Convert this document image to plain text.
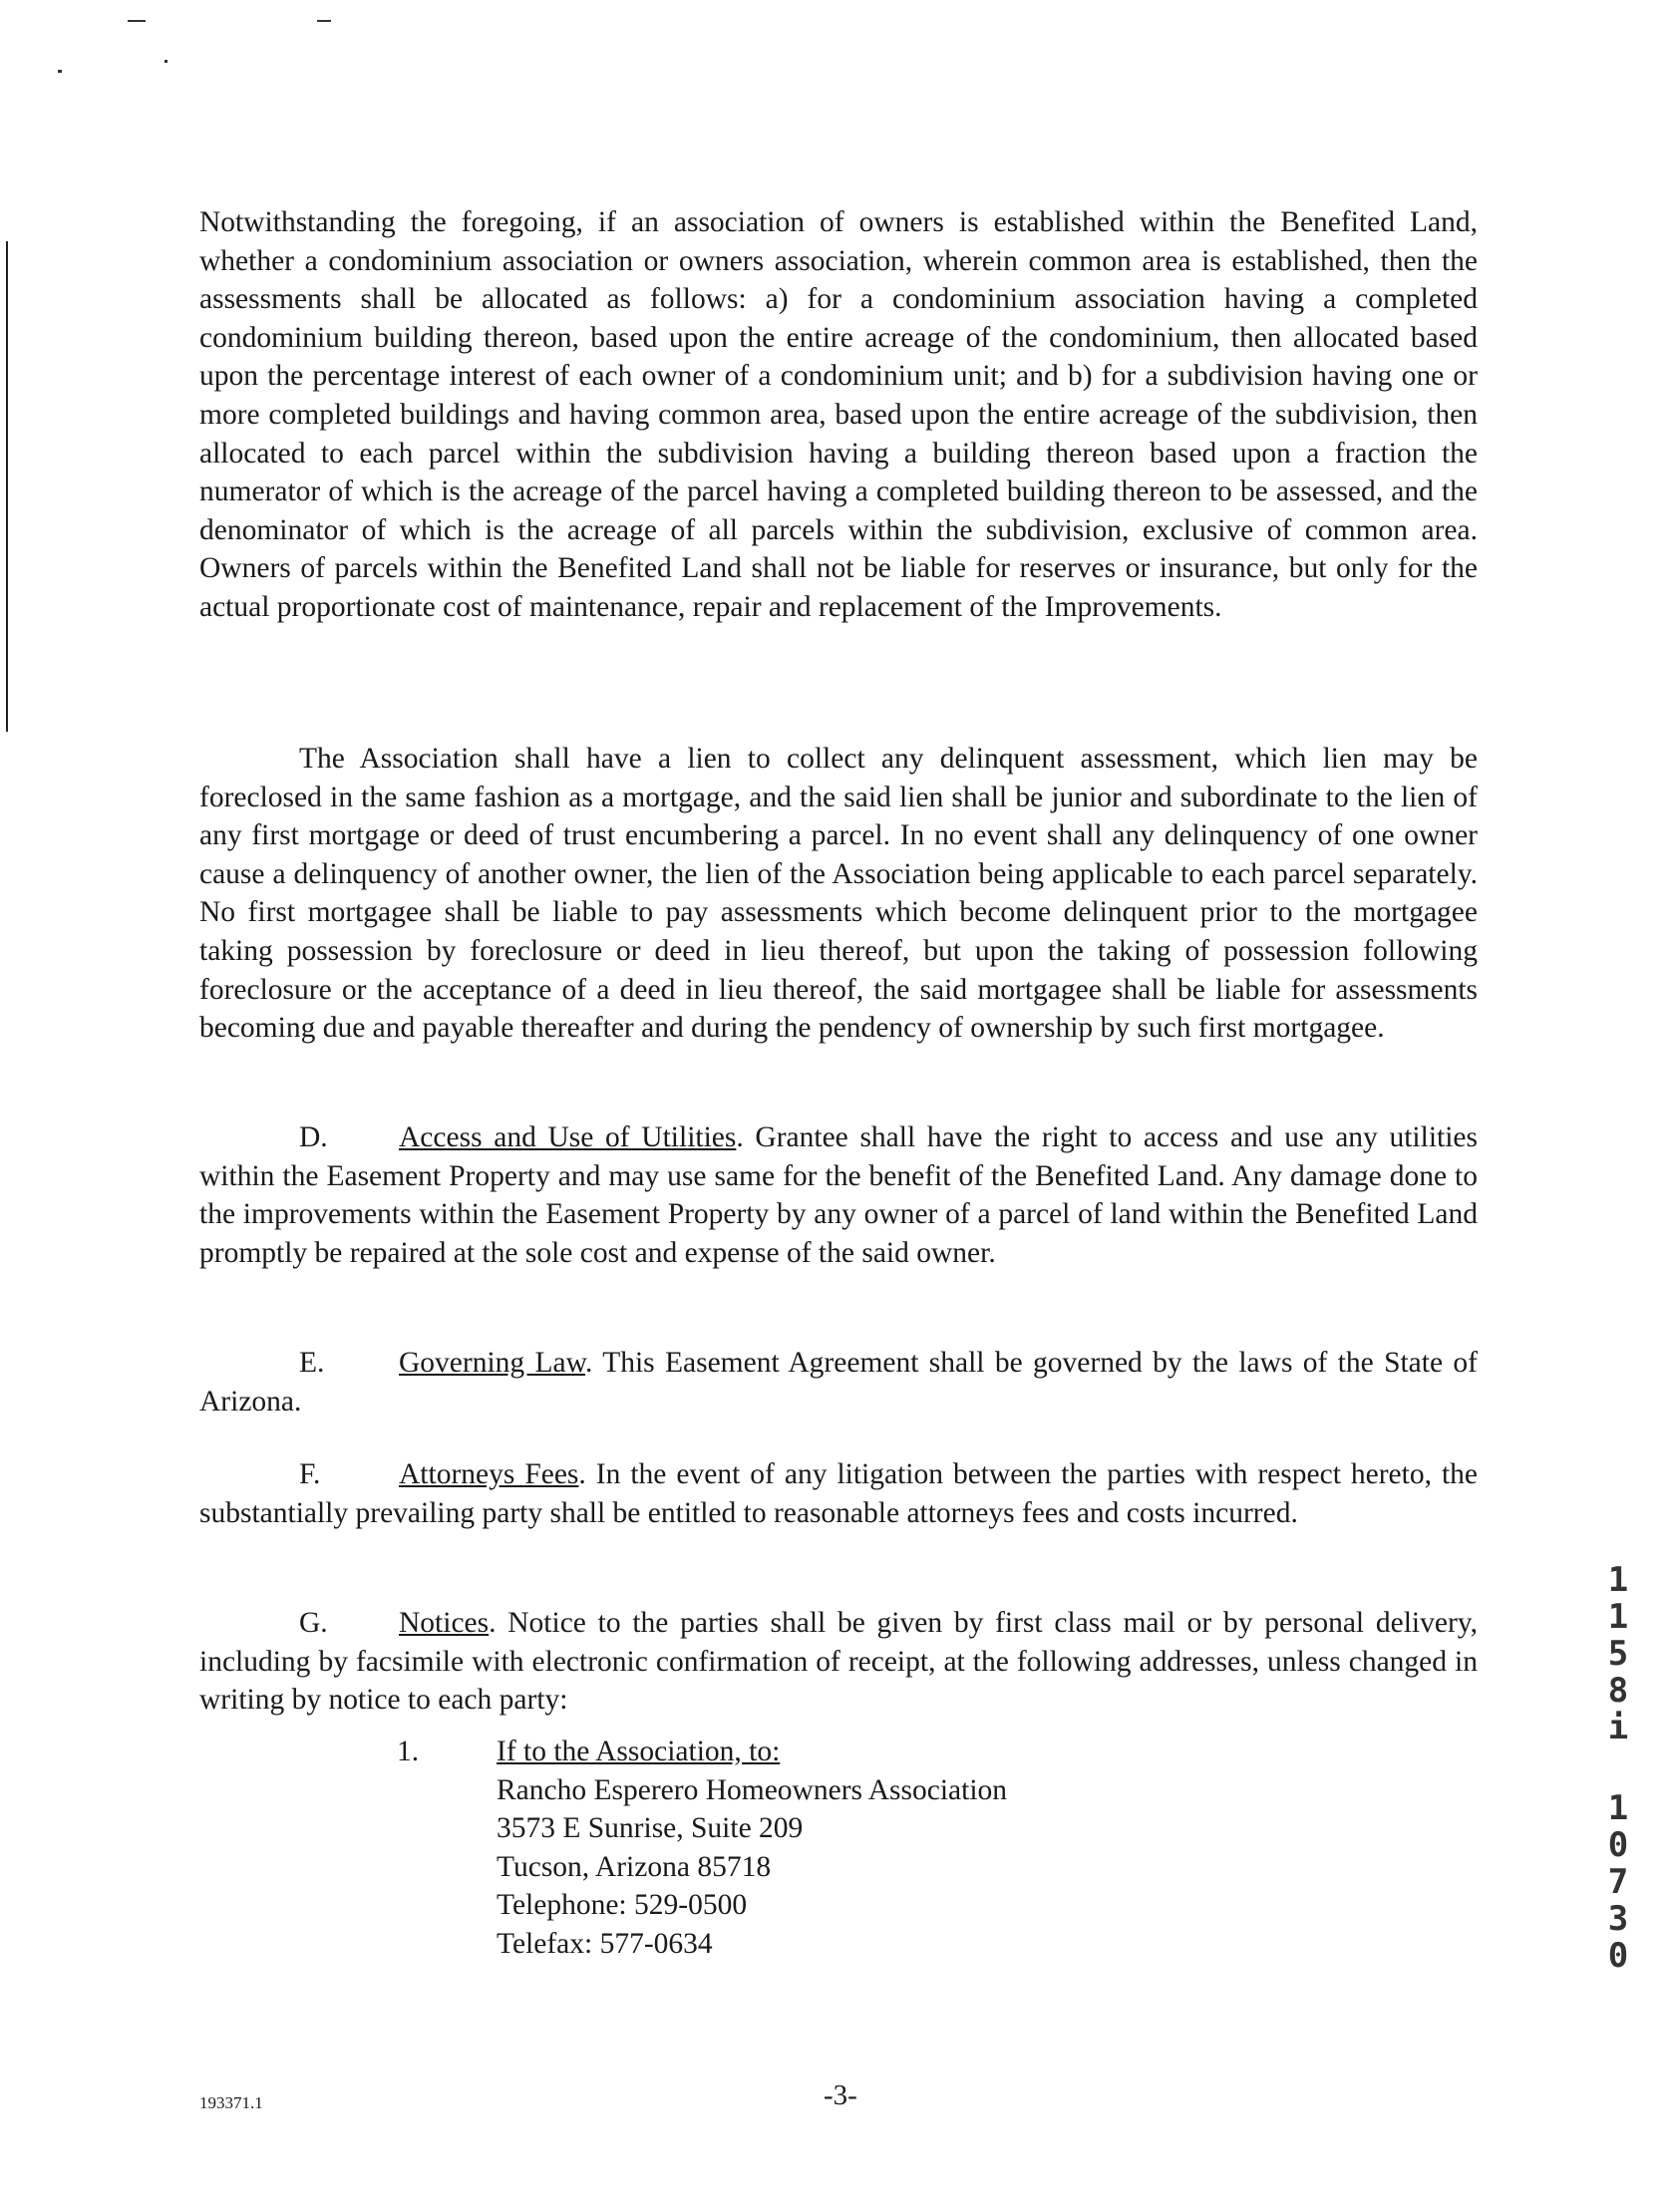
Notwithstanding the foregoing, if an association of owners is established within the Benefited Land, whether a condominium association or owners association, wherein common area is established, then the assessments shall be allocated as follows: a) for a condominium association having a completed condominium building thereon, based upon the entire acreage of the condominium, then allocated based upon the percentage interest of each owner of a condominium unit; and b) for a subdivision having one or more completed buildings and having common area, based upon the entire acreage of the subdivision, then allocated to each parcel within the subdivision having a building thereon based upon a fraction the numerator of which is the acreage of the parcel having a completed building thereon to be assessed, and the denominator of which is the acreage of all parcels within the subdivision, exclusive of common area. Owners of parcels within the Benefited Land shall not be liable for reserves or insurance, but only for the actual proportionate cost of maintenance, repair and replacement of the Improvements.

The Association shall have a lien to collect any delinquent assessment, which lien may be foreclosed in the same fashion as a mortgage, and the said lien shall be junior and subordinate to the lien of any first mortgage or deed of trust encumbering a parcel. In no event shall any delinquency of one owner cause a delinquency of another owner, the lien of the Association being applicable to each parcel separately. No first mortgagee shall be liable to pay assessments which become delinquent prior to the mortgagee taking possession by foreclosure or deed in lieu thereof, but upon the taking of possession following foreclosure or the acceptance of a deed in lieu thereof, the said mortgagee shall be liable for assessments becoming due and payable thereafter and during the pendency of ownership by such first mortgagee.

D. Access and Use of Utilities. Grantee shall have the right to access and use any utilities within the Easement Property and may use same for the benefit of the Benefited Land. Any damage done to the improvements within the Easement Property by any owner of a parcel of land within the Benefited Land promptly be repaired at the sole cost and expense of the said owner.

E.	Governing Law. This Easement Agreement shall be governed by the laws of the State of Arizona.

F.	Attorneys Fees. In the event of any litigation between the parties with respect hereto, the substantially prevailing party shall be entitled to reasonable attorneys fees and costs incurred.

G. Notices. Notice to the parties shall be given by first class mail or by personal delivery, including by facsimile with electronic confirmation of receipt, at the following addresses, unless changed in writing by notice to each party:

1.	If to the Association, to:
Rancho Esperero Homeowners Association
3573 E Sunrise, Suite 209
Tucson, Arizona 85718
Telephone: 529-0500
Telefax: 577-0634
1
1
5
8
i
1
0
7
3
0
193371.1	-3-
